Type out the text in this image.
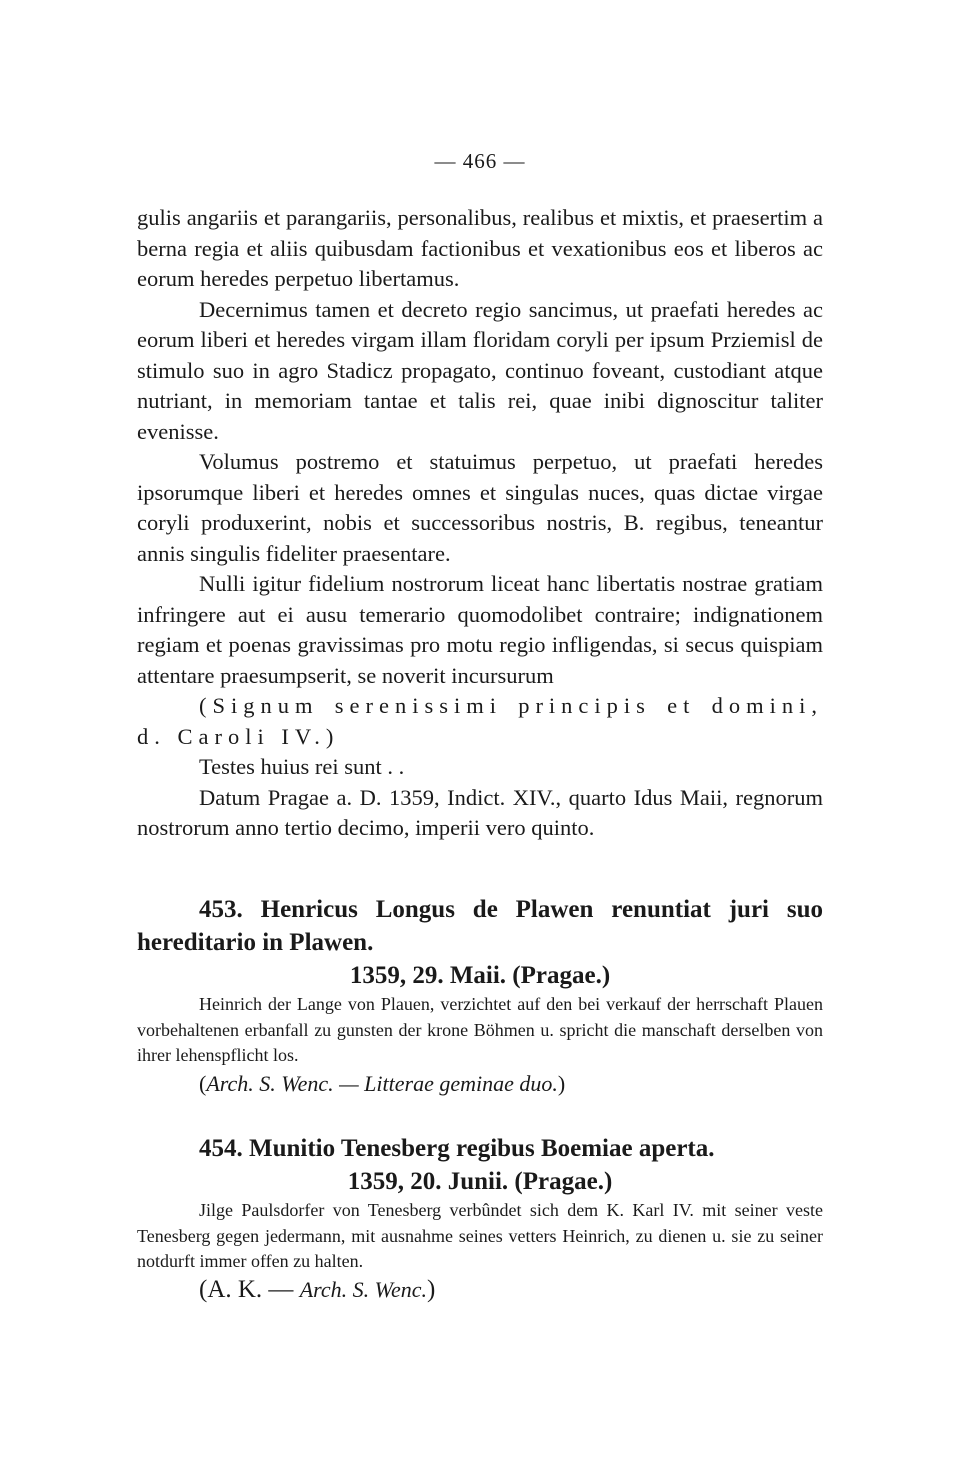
— 466 —

gulis angariis et parangariis, personalibus, realibus et mixtis, et praesertim a berna regia et aliis quibusdam factionibus et vexationibus eos et liberos ac eorum heredes perpetuo libertamus.

Decernimus tamen et decreto regio sancimus, ut praefati heredes ac eorum liberi et heredes virgam illam floridam coryli per ipsum Prziemisl de stimulo suo in agro Stadicz propagato, continuo foveant, custodiant atque nutriant, in memoriam tantae et talis rei, quae inibi dignoscitur taliter evenisse.

Volumus postremo et statuimus perpetuo, ut praefati heredes ipsorumque liberi et heredes omnes et singulas nuces, quas dictae virgae coryli produxerint, nobis et successoribus nostris, B. regibus, teneantur annis singulis fideliter praesentare.

Nulli igitur fidelium nostrorum liceat hanc libertatis nostrae gratiam infringere aut ei ausu temerario quomodolibet contraire; indignationem regiam et poenas gravissimas pro motu regio infligendas, si secus quispiam attentare praesumpserit, se noverit incursurum

(Signum serenissimi principis et domini, d. Caroli IV.)

Testes huius rei sunt . .

Datum Pragae a. D. 1359, Indict. XIV., quarto Idus Maii, regnorum nostrorum anno tertio decimo, imperii vero quinto.

453. Henricus Longus de Plawen renuntiat juri suo hereditario in Plawen.

1359, 29. Maii. (Pragae.)

Heinrich der Lange von Plauen, verzichtet auf den bei verkauf der herrschaft Plauen vorbehaltenen erbanfall zu gunsten der krone Böhmen u. spricht die manschaft derselben von ihrer lehenspflicht los.

(Arch. S. Wenc. — Litterae geminae duo.)

454. Munitio Tenesberg regibus Boemiae aperta.

1359, 20. Junii. (Pragae.)

Jilge Paulsdorfer von Tenesberg verbûndet sich dem K. Karl IV. mit seiner veste Tenesberg gegen jedermann, mit ausnahme seines vetters Heinrich, zu dienen u. sie zu seiner notdurft immer offen zu halten.

(A. K. — Arch. S. Wenc.)
